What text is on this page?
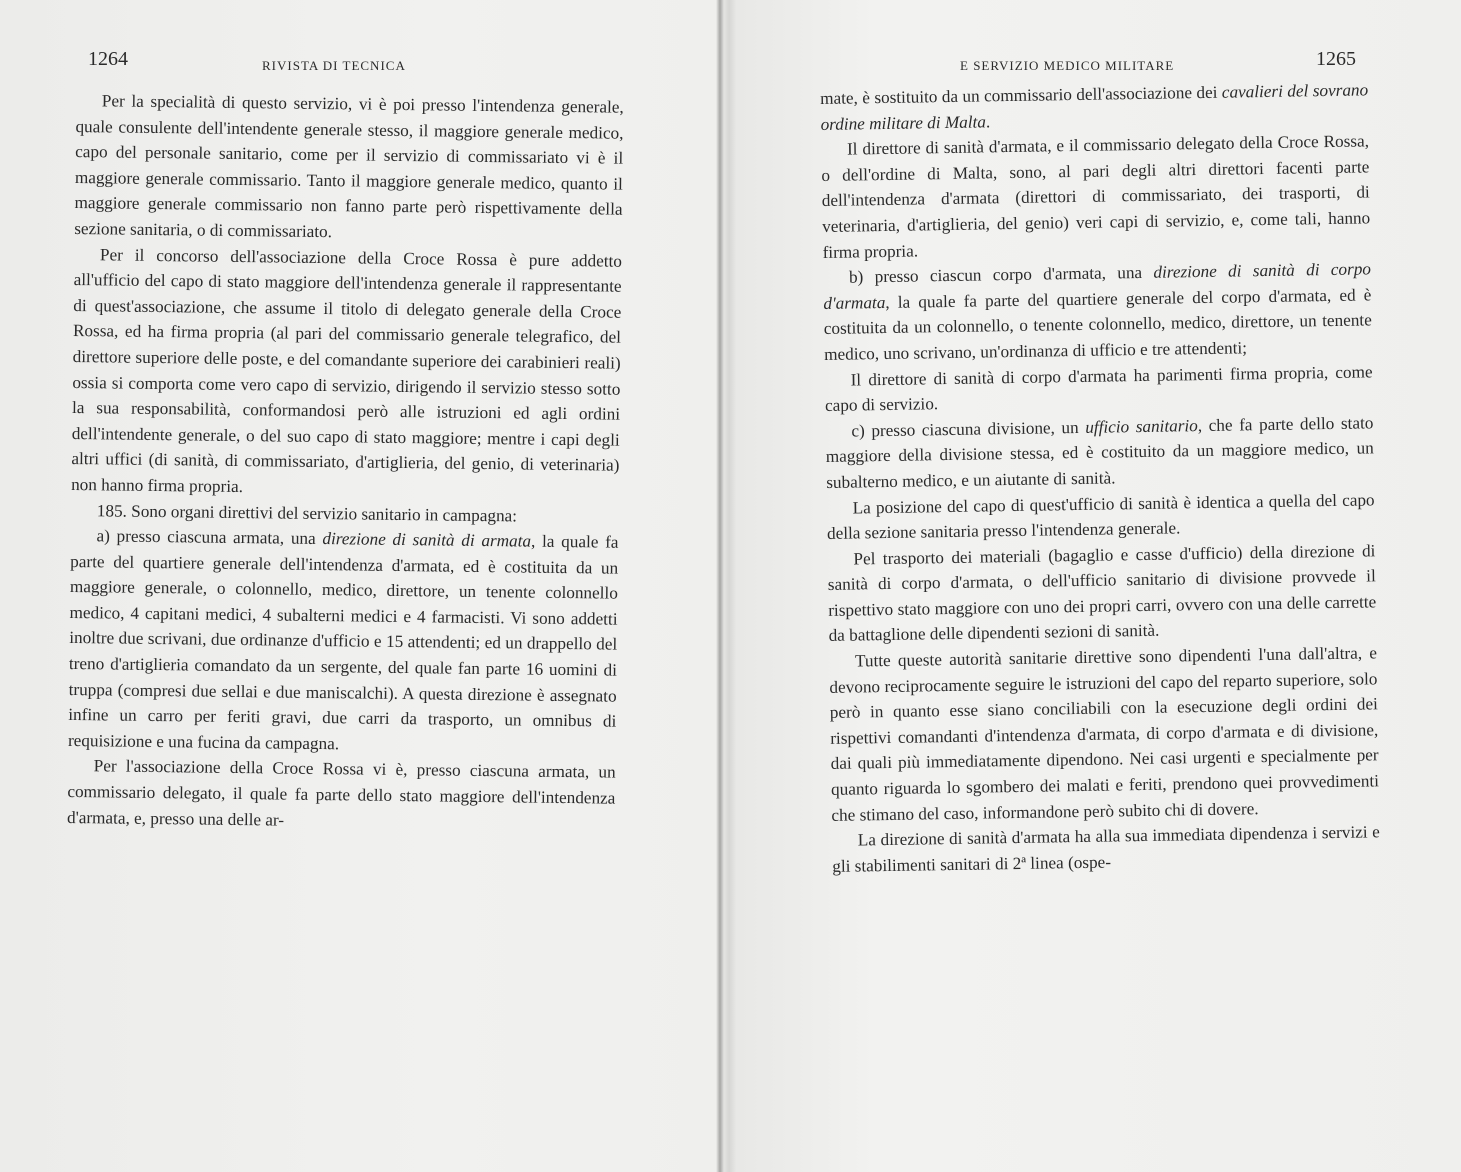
1264	RIVISTA DI TECNICA

Per la specialità di questo servizio, vi è poi presso l'intendenza generale, quale consulente dell'intendente generale stesso, il maggiore generale medico, capo del personale sanitario, come per il servizio di commissariato vi è il maggiore generale commissario. Tanto il maggiore generale medico, quanto il maggiore generale commissario non fanno parte però rispettivamente della sezione sanitaria, o di commissariato.

Per il concorso dell'associazione della Croce Rossa è pure addetto all'ufficio del capo di stato maggiore dell'intendenza generale il rappresentante di quest'associazione, che assume il titolo di delegato generale della Croce Rossa, ed ha firma propria (al pari del commissario generale telegrafico, del direttore superiore delle poste, e del comandante superiore dei carabinieri reali) ossia si comporta come vero capo di servizio, dirigendo il servizio stesso sotto la sua responsabilità, conformandosi però alle istruzioni ed agli ordini dell'intendente generale, o del suo capo di stato maggiore; mentre i capi degli altri uffici (di sanità, di commissariato, d'artiglieria, del genio, di veterinaria) non hanno firma propria.

185. Sono organi direttivi del servizio sanitario in campagna:

a) presso ciascuna armata, una direzione di sanità di armata, la quale fa parte del quartiere generale dell'intendenza d'armata, ed è costituita da un maggiore generale, o colonnello, medico, direttore, un tenente colonnello medico, 4 capitani medici, 4 subalterni medici e 4 farmacisti. Vi sono addetti inoltre due scrivani, due ordinanze d'ufficio e 15 attendenti; ed un drappello del treno d'artiglieria comandato da un sergente, del quale fan parte 16 uomini di truppa (compresi due sellai e due maniscalchi). A questa direzione è assegnato infine un carro per feriti gravi, due carri da trasporto, un omnibus di requisizione e una fucina da campagna.

Per l'associazione della Croce Rossa vi è, presso ciascuna armata, un commissario delegato, il quale fa parte dello stato maggiore dell'intendenza d'armata, e, presso una delle ar-

E SERVIZIO MEDICO MILITARE	1265

mate, è sostituito da un commissario dell'associazione dei cavalieri del sovrano ordine militare di Malta.

Il direttore di sanità d'armata, e il commissario delegato della Croce Rossa, o dell'ordine di Malta, sono, al pari degli altri direttori facenti parte dell'intendenza d'armata (direttori di commissariato, dei trasporti, di veterinaria, d'artiglieria, del genio) veri capi di servizio, e, come tali, hanno firma propria.

b) presso ciascun corpo d'armata, una direzione di sanità di corpo d'armata, la quale fa parte del quartiere generale del corpo d'armata, ed è costituita da un colonnello, o tenente colonnello, medico, direttore, un tenente medico, uno scrivano, un'ordinanza di ufficio e tre attendenti;

Il direttore di sanità di corpo d'armata ha parimenti firma propria, come capo di servizio.

c) presso ciascuna divisione, un ufficio sanitario, che fa parte dello stato maggiore della divisione stessa, ed è costituito da un maggiore medico, un subalterno medico, e un aiutante di sanità.

La posizione del capo di quest'ufficio di sanità è identica a quella del capo della sezione sanitaria presso l'intendenza generale.

Pel trasporto dei materiali (bagaglio e casse d'ufficio) della direzione di sanità di corpo d'armata, o dell'ufficio sanitario di divisione provvede il rispettivo stato maggiore con uno dei propri carri, ovvero con una delle carrette da battaglione delle dipendenti sezioni di sanità.

Tutte queste autorità sanitarie direttive sono dipendenti l'una dall'altra, e devono reciprocamente seguire le istruzioni del capo del reparto superiore, solo però in quanto esse siano conciliabili con la esecuzione degli ordini dei rispettivi comandanti d'intendenza d'armata, di corpo d'armata e di divisione, dai quali più immediatamente dipendono. Nei casi urgenti e specialmente per quanto riguarda lo sgombero dei malati e feriti, prendono quei provvedimenti che stimano del caso, informandone però subito chi di dovere.

La direzione di sanità d'armata ha alla sua immediata dipendenza i servizi e gli stabilimenti sanitari di 2ª linea (ospe-
